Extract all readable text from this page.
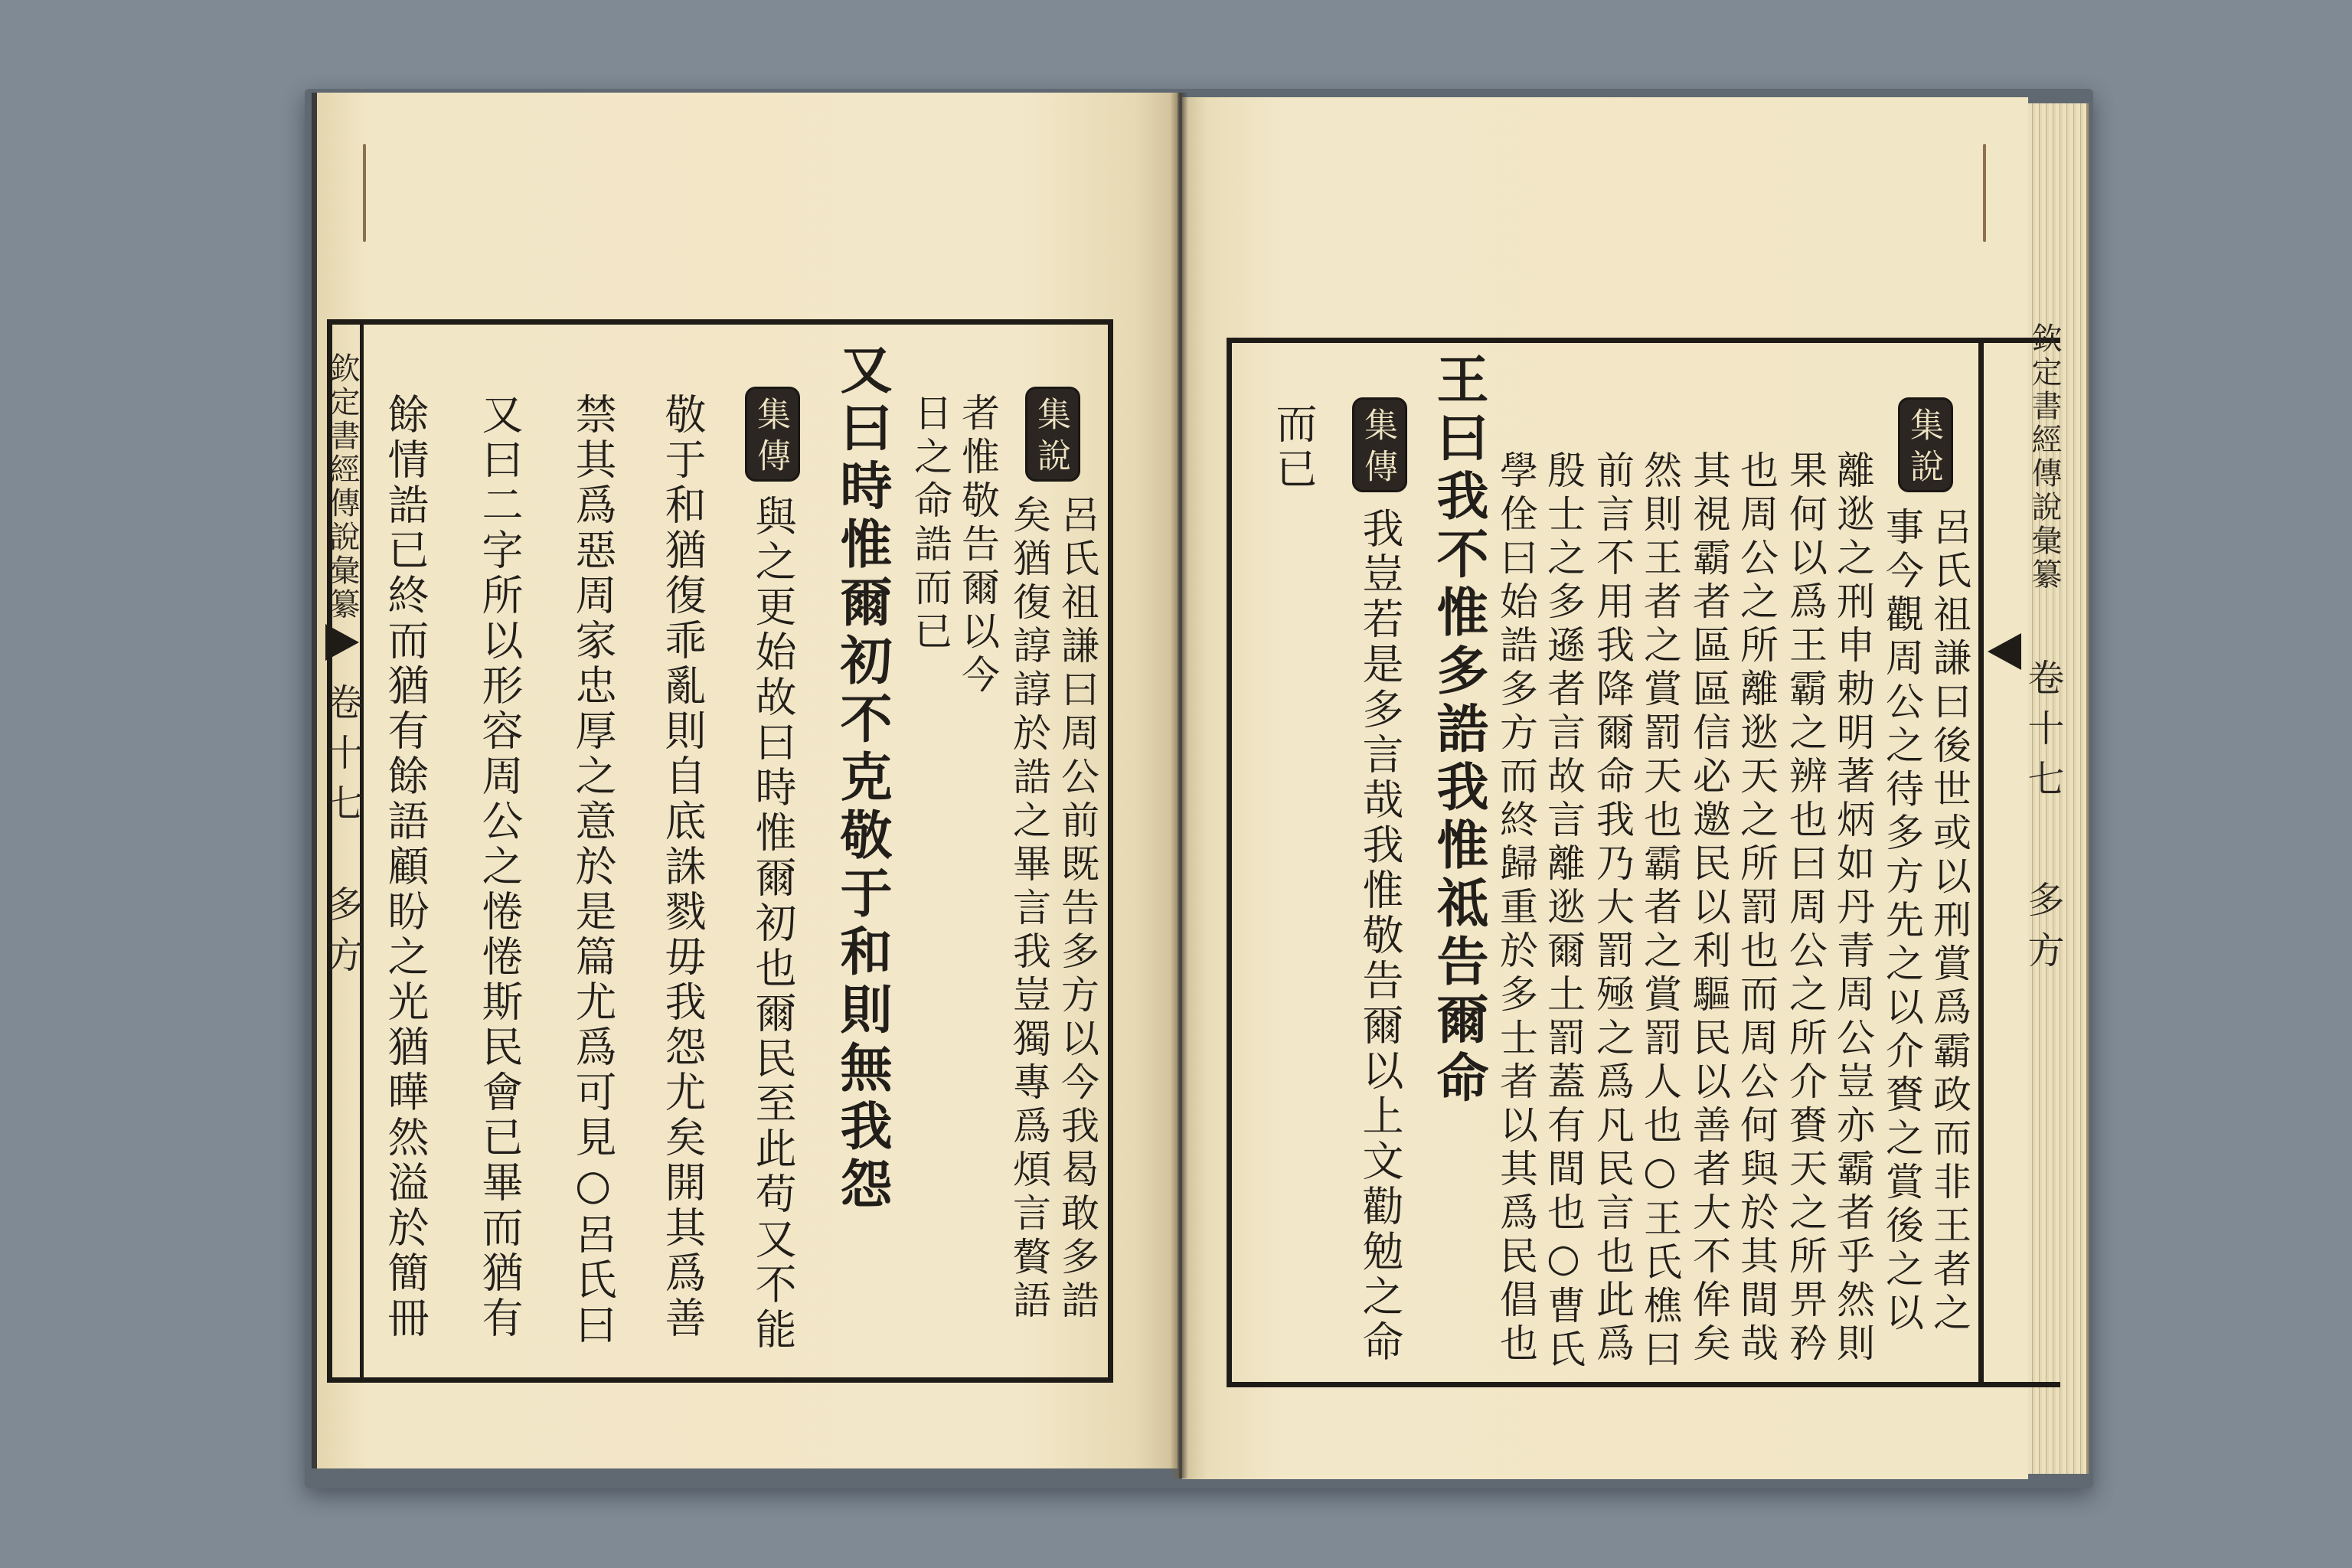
欽定書經傳說彙纂
卷十七
多方
集說
呂氏祖謙曰周公前既告多方以今我曷敢多誥
矣猶復諄諄於誥之畢言我豈獨專爲煩言贅語
者惟敬告爾以今
日之命誥而已
又曰時惟爾初不克敬于和則無我怨
集傳
與之更始故曰時惟爾初也爾民至此苟又不能
敬于和猶復乖亂則自底誅戮毋我怨尤矣開其爲善
禁其爲惡周家忠厚之意於是篇尤爲可見○呂氏曰
又曰二字所以形容周公之惓惓斯民會已畢而猶有
餘情誥已終而猶有餘語顧盼之光猶曄然溢於簡冊	欽定書經傳說彙纂
卷十七
多方
集說
呂氏祖謙曰後世或以刑賞爲霸政而非王者之
事今觀周公之待多方先之以介賚之賞後之以
離逖之刑申勅明著炳如丹青周公豈亦霸者乎然則
果何以爲王霸之辨也曰周公之所介賚天之所畀矜
也周公之所離逖天之所罰也而周公何與於其間哉
其視霸者區區信必邀民以利驅民以善者大不侔矣
然則王者之賞罰天也霸者之賞罰人也○王氏樵曰
前言不用我降爾命我乃大罰殛之爲凡民言也此爲
殷士之多遜者言故言離逖爾土罰蓋有間也○曹氏
學佺曰始誥多方而終歸重於多士者以其爲民倡也
王曰我不惟多誥我惟祗告爾命
集傳
我豈若是多言哉我惟敬告爾以上文勸勉之命
而已
